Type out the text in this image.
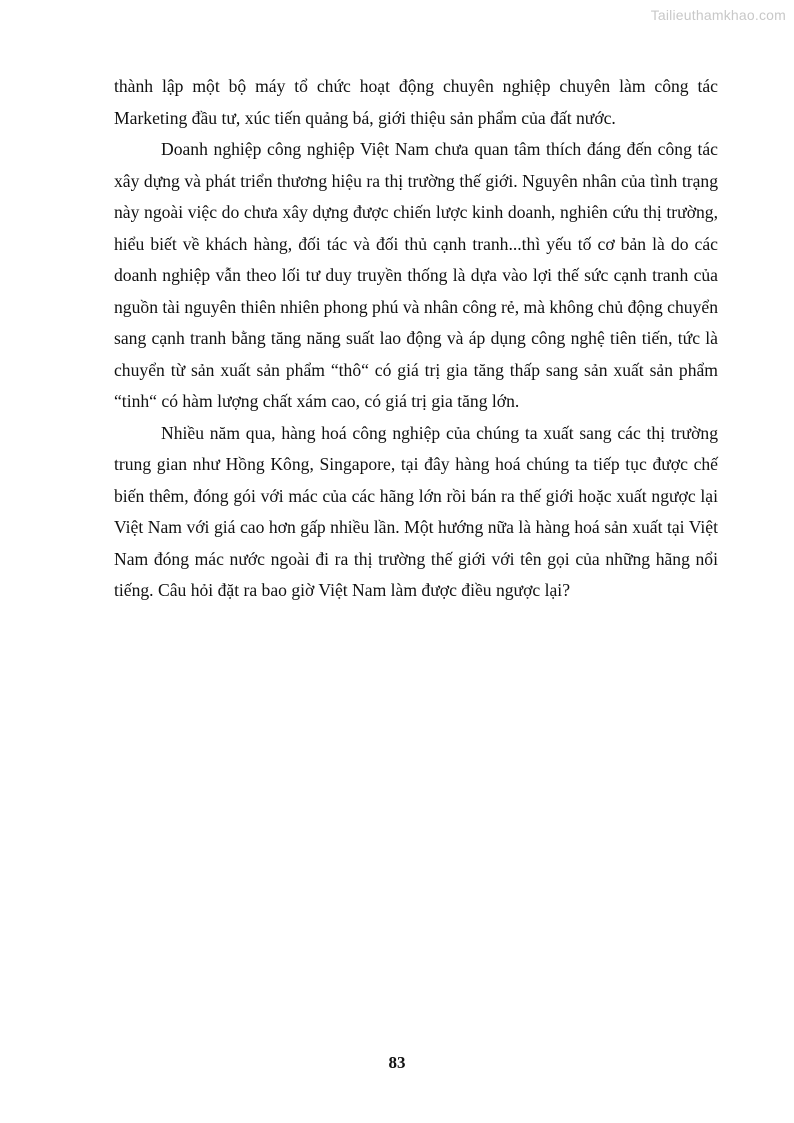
Tailieuthamkhao.com

thành lập một bộ máy tổ chức hoạt động chuyên nghiệp chuyên làm công tác Marketing đầu tư, xúc tiến quảng bá, giới thiệu sản phẩm của đất nước.

Doanh nghiệp công nghiệp Việt Nam chưa quan tâm thích đáng đến công tác xây dựng và phát triển thương hiệu ra thị trường thế giới. Nguyên nhân của tình trạng này ngoài việc do chưa xây dựng được chiến lược kinh doanh, nghiên cứu thị trường, hiểu biết về khách hàng, đối tác và đối thủ cạnh tranh...thì yếu tố cơ bản là do các doanh nghiệp vẫn theo lối tư duy truyền thống là dựa vào lợi thế sức cạnh tranh của nguồn tài nguyên thiên nhiên phong phú và nhân công rẻ, mà không chủ động chuyển sang cạnh tranh bằng tăng năng suất lao động và áp dụng công nghệ tiên tiến, tức là chuyển từ sản xuất sản phẩm “thô“ có giá trị gia tăng thấp sang sản xuất sản phẩm “tinh“ có hàm lượng chất xám cao, có giá trị gia tăng lớn.

Nhiều năm qua, hàng hoá công nghiệp của chúng ta xuất sang các thị trường trung gian như Hồng Kông, Singapore, tại đây hàng hoá chúng ta tiếp tục được chế biến thêm, đóng gói với mác của các hãng lớn rồi bán ra thế giới hoặc xuất ngược lại Việt Nam với giá cao hơn gấp nhiều lần. Một hướng nữa là hàng hoá sản xuất tại Việt Nam đóng mác nước ngoài đi ra thị trường thế giới với tên gọi của những hãng nổi tiếng. Câu hỏi đặt ra bao giờ Việt Nam làm được điều ngược lại?

83
